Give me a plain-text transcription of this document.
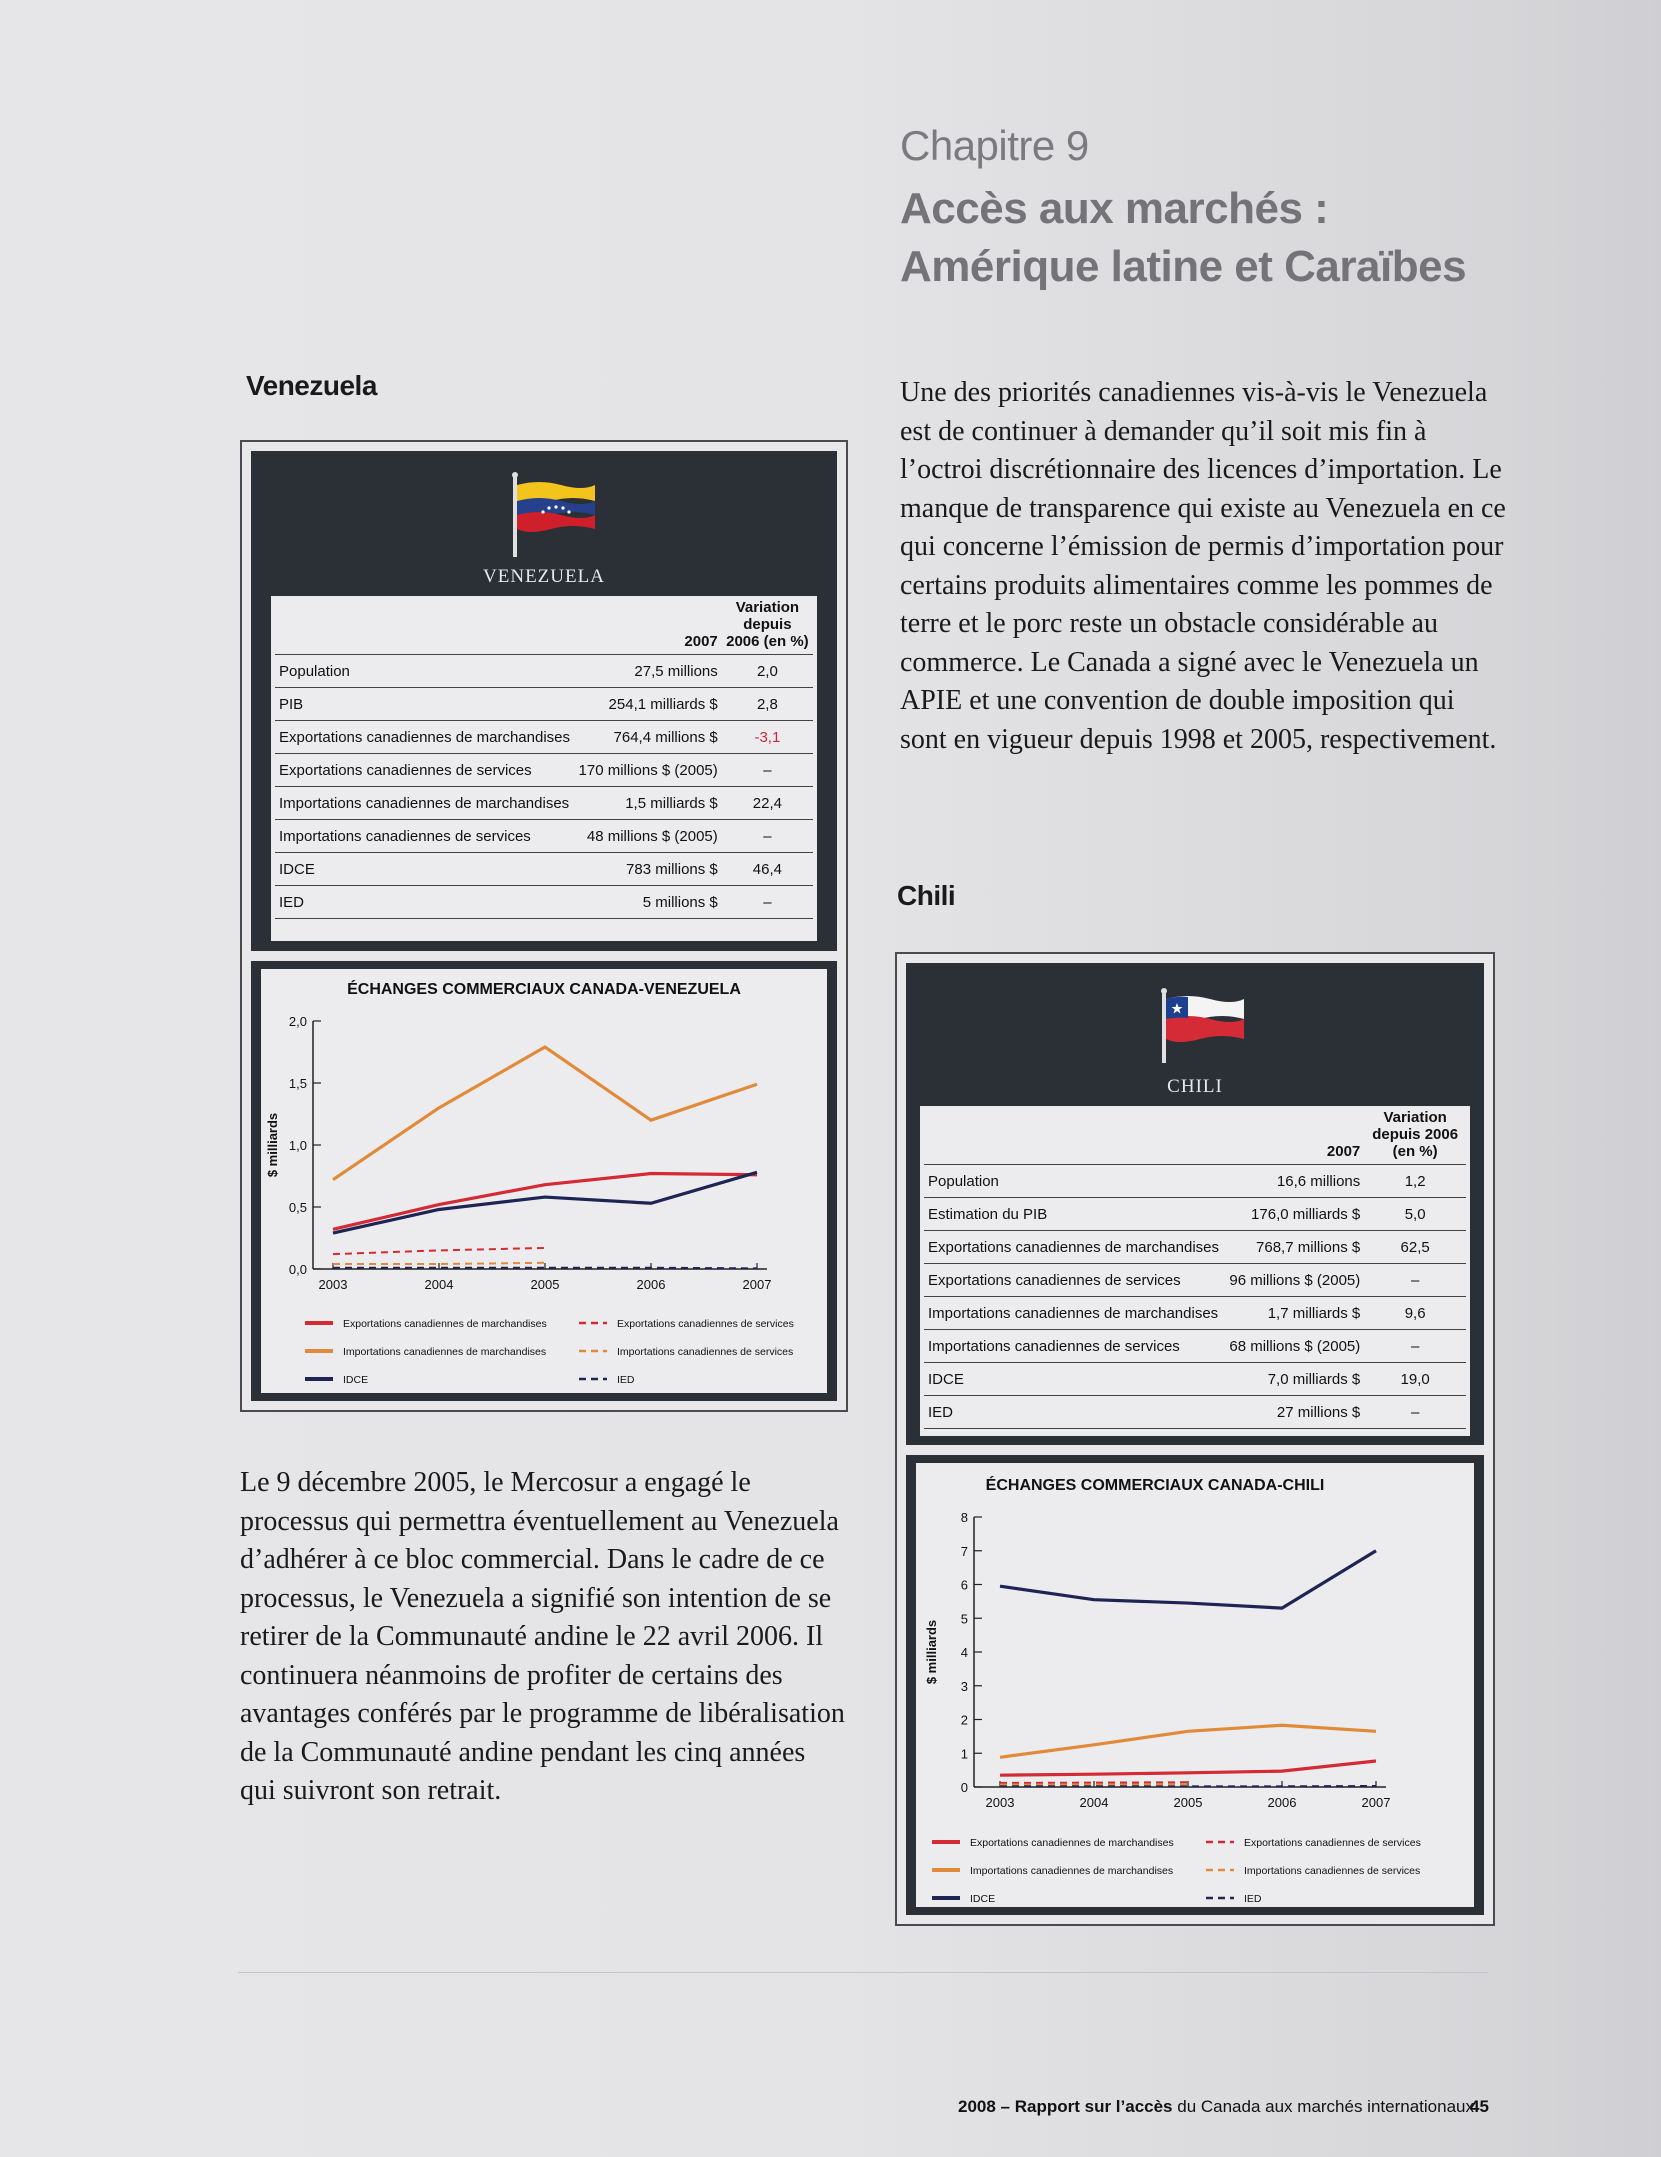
Chapitre 9
Accès aux marchés :
Amérique latine et Caraïbes
Venezuela
VENEZUELA
	2007	Variation depuis 2006 (en %)
Population	27,5 millions	2,0
PIB	254,1 milliards $	2,8
Exportations canadiennes de marchandises	764,4 millions $	-3,1
Exportations canadiennes de services	170 millions $ (2005)	–
Importations canadiennes de marchandises	1,5 milliards $	22,4
Importations canadiennes de services	48 millions $ (2005)	–
IDCE	783 millions $	46,4
IED	5 millions $	–
ÉCHANGES COMMERCIAUX CANADA-VENEZUELA
0,0
0,5
1,0
1,5
2,0
2003	2004	2005	2006	2007
$ milliards
Exportations canadiennes de marchandises	Exportations canadiennes de services
Importations canadiennes de marchandises	Importations canadiennes de services
IDCE	IED
Une des priorités canadiennes vis-à-vis le Venezuela est de continuer à demander qu’il soit mis fin à l’octroi discrétionnaire des licences d’importation. Le manque de transparence qui existe au Venezuela en ce qui concerne l’émission de permis d’importation pour certains produits alimentaires comme les pommes de terre et le porc reste un obstacle considérable au commerce. Le Canada a signé avec le Venezuela un APIE et une convention de double imposition qui sont en vigueur depuis 1998 et 2005, respectivement.
Le 9 décembre 2005, le Mercosur a engagé le processus qui permettra éventuellement au Venezuela d’adhérer à ce bloc commercial. Dans le cadre de ce processus, le Venezuela a signifié son intention de se retirer de la Communauté andine le 22 avril 2006. Il continuera néanmoins de profiter de certains des avantages conférés par le programme de libéralisation de la Communauté andine pendant les cinq années qui suivront son retrait.
Chili
CHILI
	2007	Variation depuis 2006 (en %)
Population	16,6 millions	1,2
Estimation du PIB	176,0 milliards $	5,0
Exportations canadiennes de marchandises	768,7 millions $	62,5
Exportations canadiennes de services	96 millions $ (2005)	–
Importations canadiennes de marchandises	1,7 milliards $	9,6
Importations canadiennes de services	68 millions $ (2005)	–
IDCE	7,0 milliards $	19,0
IED	27 millions $	–
ÉCHANGES COMMERCIAUX CANADA-CHILI
0
1
2
3
4
5
6
7
8
2003	2004	2005	2006	2007
$ milliards
Exportations canadiennes de marchandises	Exportations canadiennes de services
Importations canadiennes de marchandises	Importations canadiennes de services
IDCE	IED
2008 – Rapport sur l’accès du Canada aux marchés internationaux
45
